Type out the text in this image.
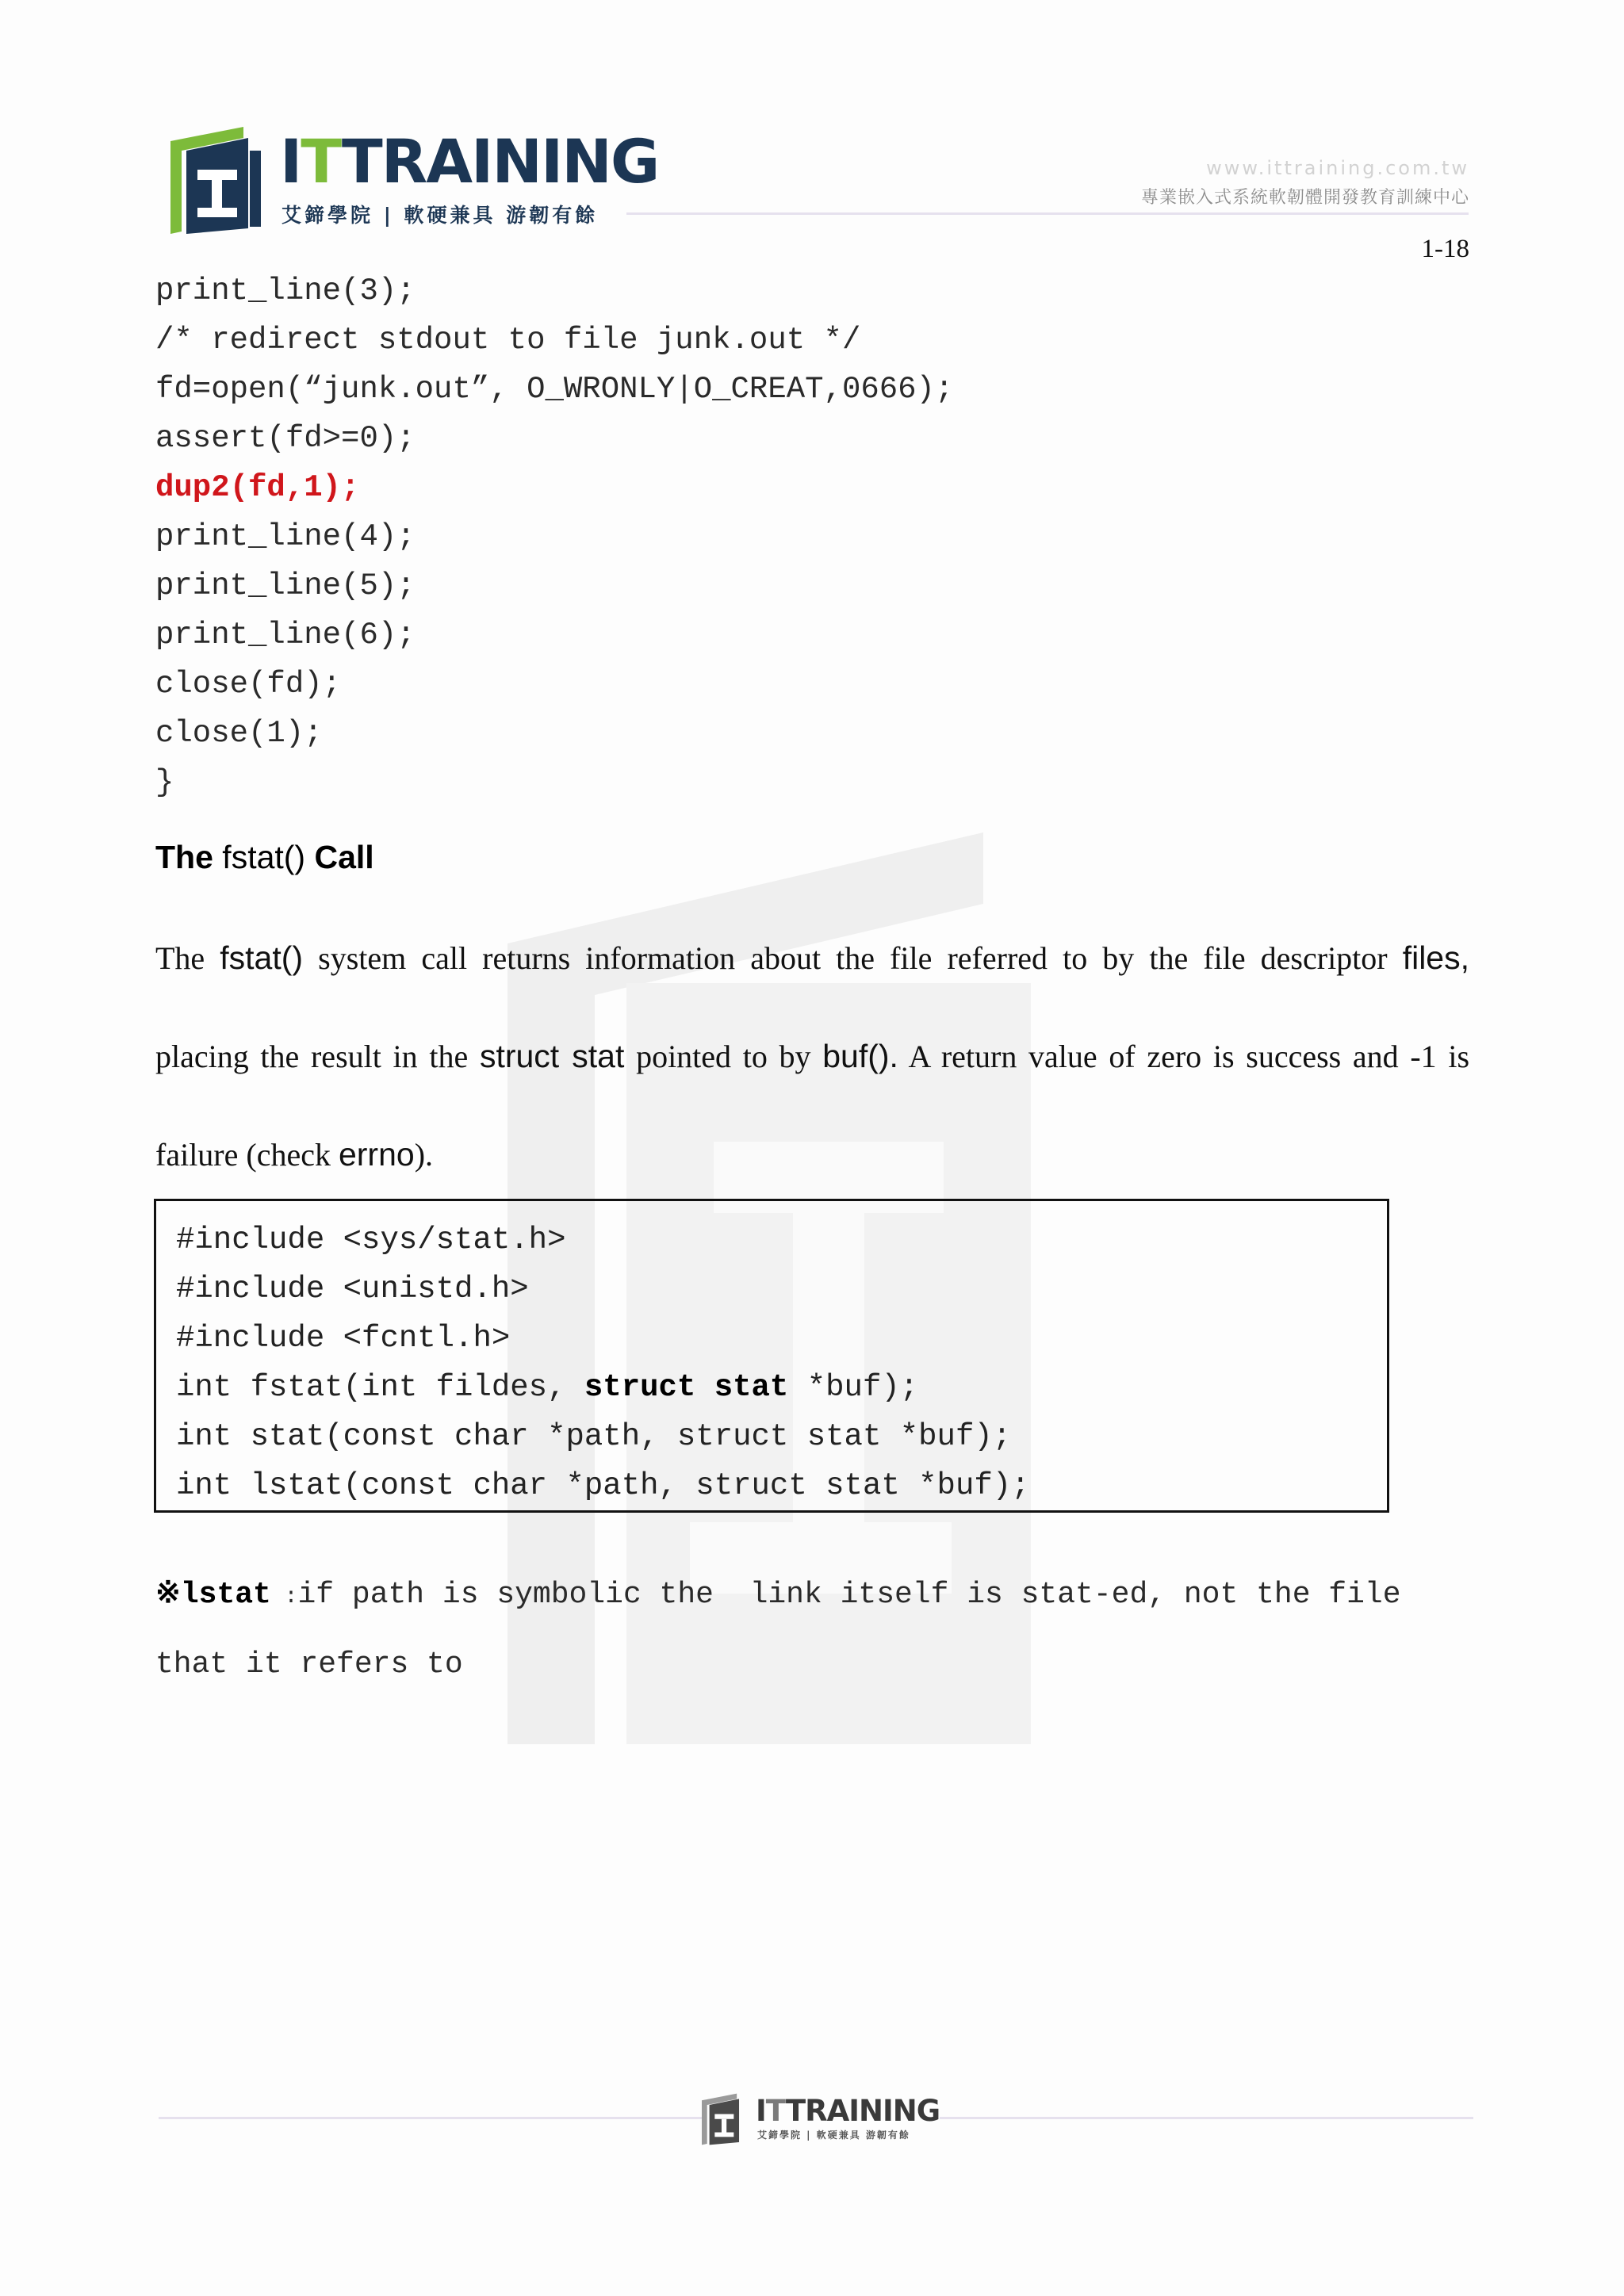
ITTRAINING
艾鍗學院 | 軟硬兼具 游韌有餘
www.ittraining.com.tw
專業嵌入式系統軟韌體開發教育訓練中心
1-18
print_line(3);
/* redirect stdout to file junk.out */
fd=open(“junk.out”, O_WRONLY|O_CREAT,0666);
assert(fd>=0);
dup2(fd,1);
print_line(4);
print_line(5);
print_line(6);
close(fd);
close(1);
}
The fstat() Call
The fstat() system call returns information about the file referred to by the file descriptor files,
placing the result in the struct stat pointed to by buf(). A return value of zero is success and -1 is
failure (check errno).
#include <sys/stat.h>
#include <unistd.h>
#include <fcntl.h>
int fstat(int fildes, struct stat *buf);
int stat(const char *path, struct stat *buf);
int lstat(const char *path, struct stat *buf);
※lstat :if path is symbolic the  link itself is stat-ed, not the file
that it refers to
ITTRAINING
艾鍗學院 | 軟硬兼具 游韌有餘
